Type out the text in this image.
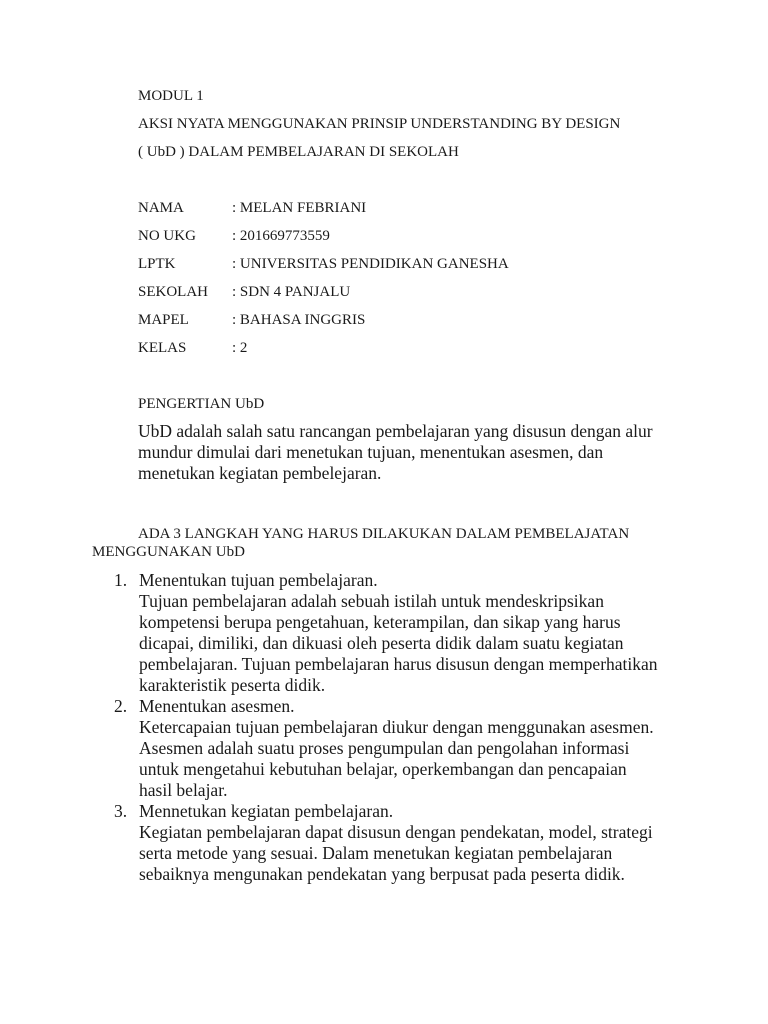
MODUL 1
AKSI NYATA MENGGUNAKAN PRINSIP UNDERSTANDING BY DESIGN
( UbD ) DALAM PEMBELAJARAN DI SEKOLAH
NAMA	: MELAN FEBRIANI
NO UKG : 201669773559
LPTK	: UNIVERSITAS PENDIDIKAN GANESHA
SEKOLAH : SDN 4 PANJALU
MAPEL	: BAHASA INGGRIS
KELAS	: 2
PENGERTIAN UbD
UbD adalah salah satu rancangan pembelajaran yang disusun dengan alur
mundur dimulai dari menetukan tujuan, menentukan asesmen, dan
menetukan kegiatan pembelejaran.
ADA 3 LANGKAH YANG HARUS DILAKUKAN DALAM PEMBELAJATAN
MENGGUNAKAN UbD
1. Menentukan tujuan pembelajaran.
Tujuan pembelajaran adalah sebuah istilah untuk mendeskripsikan
kompetensi berupa pengetahuan, keterampilan, dan sikap yang harus
dicapai, dimiliki, dan dikuasi oleh peserta didik dalam suatu kegiatan
pembelajaran. Tujuan pembelajaran harus disusun dengan memperhatikan
karakteristik peserta didik.
2. Menentukan asesmen.
Ketercapaian tujuan pembelajaran diukur dengan menggunakan asesmen.
Asesmen adalah suatu proses pengumpulan dan pengolahan informasi
untuk mengetahui kebutuhan belajar, operkembangan dan pencapaian
hasil belajar.
3. Mennetukan kegiatan pembelajaran.
Kegiatan pembelajaran dapat disusun dengan pendekatan, model, strategi
serta metode yang sesuai. Dalam menetukan kegiatan pembelajaran
sebaiknya mengunakan pendekatan yang berpusat pada peserta didik.
